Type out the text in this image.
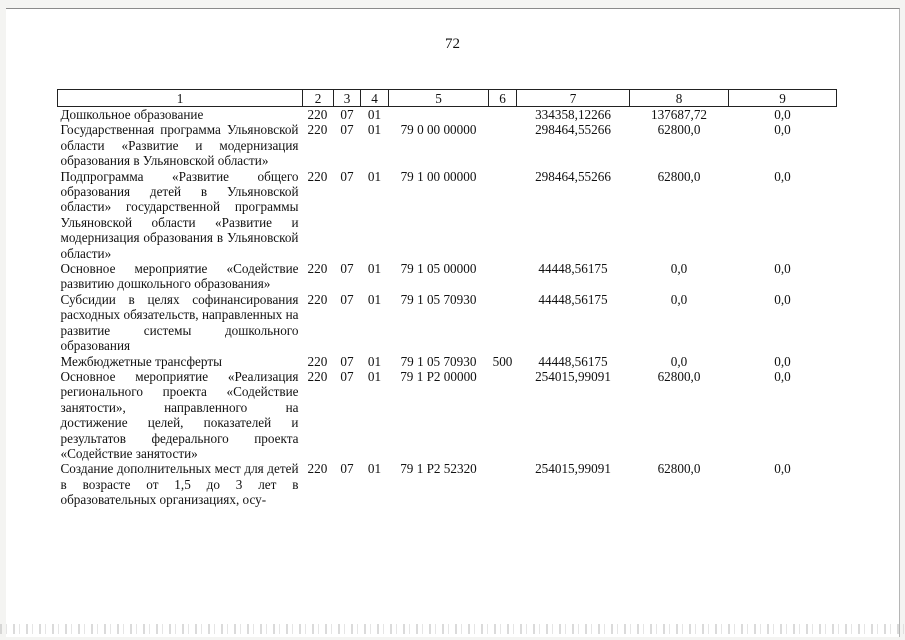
72
1	2	3	4	5	6	7	8	9
Дошкольное образование	220	07	01			334358,12266	137687,72	0,0
Государственная программа Ульяновской области «Развитие и модернизация образования в Ульяновской области»	220	07	01	79 0 00 00000		298464,55266	62800,0	0,0
Подпрограмма «Развитие общего образования детей в Ульяновской области» государственной программы Ульяновской области «Развитие и модернизация образования в Ульяновской области»	220	07	01	79 1 00 00000		298464,55266	62800,0	0,0
Основное мероприятие «Содействие развитию дошкольного образования»	220	07	01	79 1 05 00000		44448,56175	0,0	0,0
Субсидии в целях софинансирования расходных обязательств, направленных на развитие системы дошкольного образования	220	07	01	79 1 05 70930		44448,56175	0,0	0,0
Межбюджетные трансферты	220	07	01	79 1 05 70930	500	44448,56175	0,0	0,0
Основное мероприятие «Реализация регионального проекта «Содействие занятости», направленного на достижение целей, показателей и результатов федерального проекта «Содействие занятости»	220	07	01	79 1 P2 00000		254015,99091	62800,0	0,0
Создание дополнительных мест для детей в возрасте от 1,5 до 3 лет в образовательных организациях, осу-	220	07	01	79 1 P2 52320		254015,99091	62800,0	0,0
